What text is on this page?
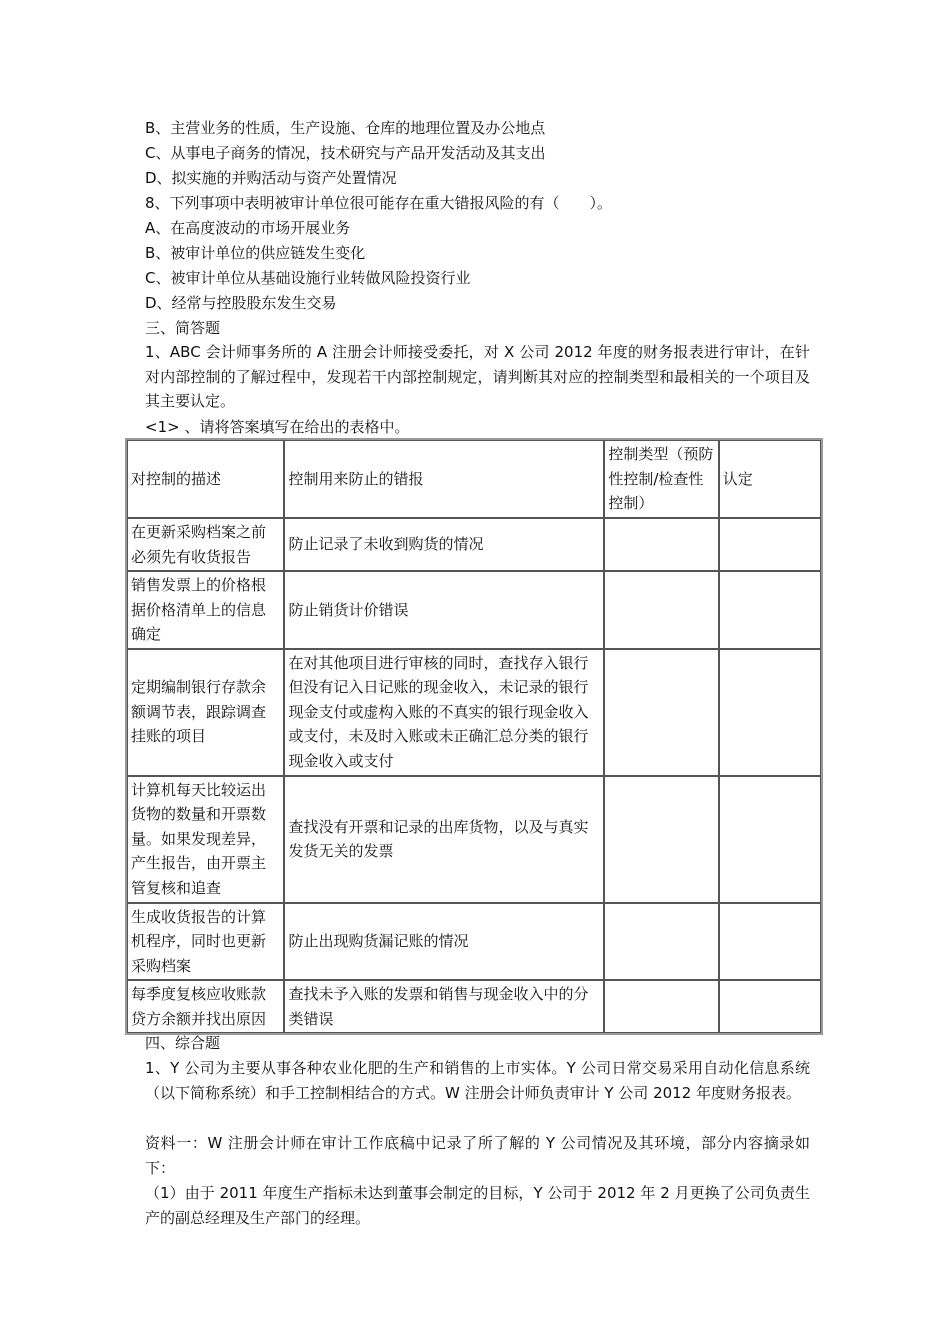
B、主营业务的性质，生产设施、仓库的地理位置及办公地点
C、从事电子商务的情况，技术研究与产品开发活动及其支出
D、拟实施的并购活动与资产处置情况
8、下列事项中表明被审计单位很可能存在重大错报风险的有（　　）。
A、在高度波动的市场开展业务
B、被审计单位的供应链发生变化
C、被审计单位从基础设施行业转做风险投资行业
D、经常与控股股东发生交易
三、简答题
1、ABC 会计师事务所的 A 注册会计师接受委托，对 X 公司 2012 年度的财务报表进行审计，在针对内部控制的了解过程中，发现若干内部控制规定，请判断其对应的控制类型和最相关的一个项目及其主要认定。
<1> 、请将答案填写在给出的表格中。
对控制的描述	控制用来防止的错报	控制类型（预防性控制/检查性控制）	认定
在更新采购档案之前必须先有收货报告	防止记录了未收到购货的情况		
销售发票上的价格根据价格清单上的信息确定	防止销货计价错误		
定期编制银行存款余额调节表，跟踪调查挂账的项目	在对其他项目进行审核的同时，查找存入银行但没有记入日记账的现金收入，未记录的银行现金支付或虚构入账的不真实的银行现金收入或支付，未及时入账或未正确汇总分类的银行现金收入或支付		
计算机每天比较运出货物的数量和开票数量。如果发现差异，产生报告，由开票主管复核和追查	查找没有开票和记录的出库货物，以及与真实发货无关的发票		
生成收货报告的计算机程序，同时也更新采购档案	防止出现购货漏记账的情况		
每季度复核应收账款贷方余额并找出原因	查找未予入账的发票和销售与现金收入中的分类错误		
四、综合题
1、Y 公司为主要从事各种农业化肥的生产和销售的上市实体。Y 公司日常交易采用自动化信息系统（以下简称系统）和手工控制相结合的方式。W 注册会计师负责审计 Y 公司 2012 年度财务报表。
资料一：W 注册会计师在审计工作底稿中记录了所了解的 Y 公司情况及其环境，部分内容摘录如下：
（1）由于 2011 年度生产指标未达到董事会制定的目标，Y 公司于 2012 年 2 月更换了公司负责生产的副总经理及生产部门的经理。
